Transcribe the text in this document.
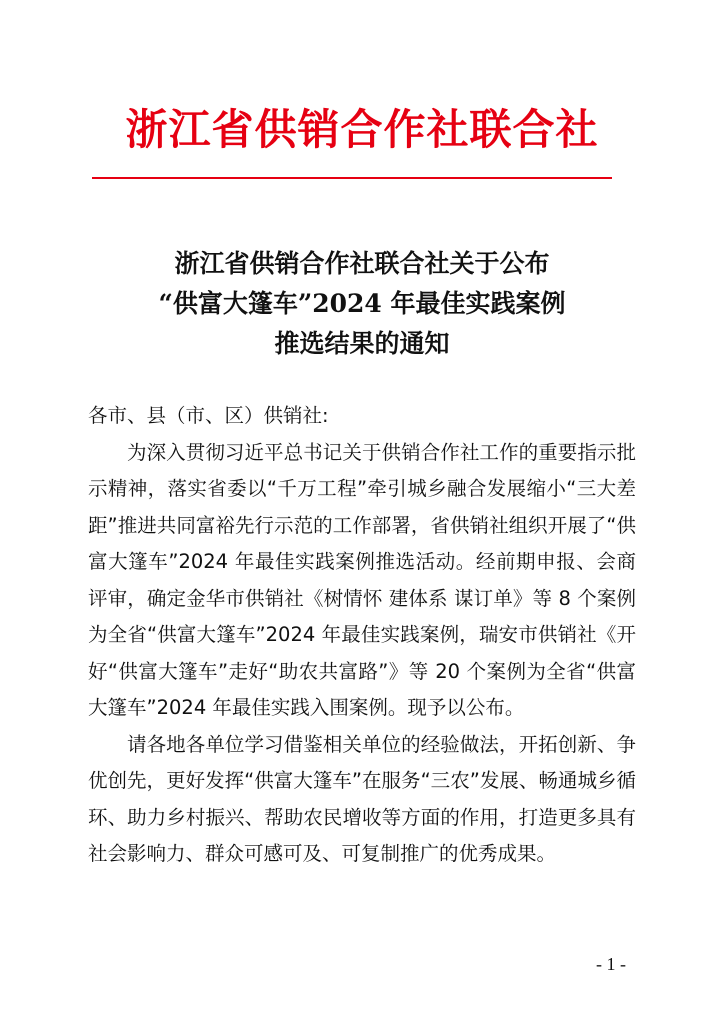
浙江省供销合作社联合社
浙江省供销合作社联合社关于公布
“供富大篷车”2024 年最佳实践案例
推选结果的通知

各市、县（市、区）供销社:

为深入贯彻习近平总书记关于供销合作社工作的重要指示批示精神，落实省委以“千万工程”牵引城乡融合发展缩小“三大差距”推进共同富裕先行示范的工作部署，省供销社组织开展了“供富大篷车”2024 年最佳实践案例推选活动。经前期申报、会商评审，确定金华市供销社《树情怀 建体系 谋订单》等 8 个案例为全省“供富大篷车”2024 年最佳实践案例，瑞安市供销社《开好“供富大篷车”走好“助农共富路”》等 20 个案例为全省“供富大篷车”2024 年最佳实践入围案例。现予以公布。

请各地各单位学习借鉴相关单位的经验做法，开拓创新、争优创先，更好发挥“供富大篷车”在服务“三农”发展、畅通城乡循环、助力乡村振兴、帮助农民增收等方面的作用，打造更多具有社会影响力、群众可感可及、可复制推广的优秀成果。

- 1 -
